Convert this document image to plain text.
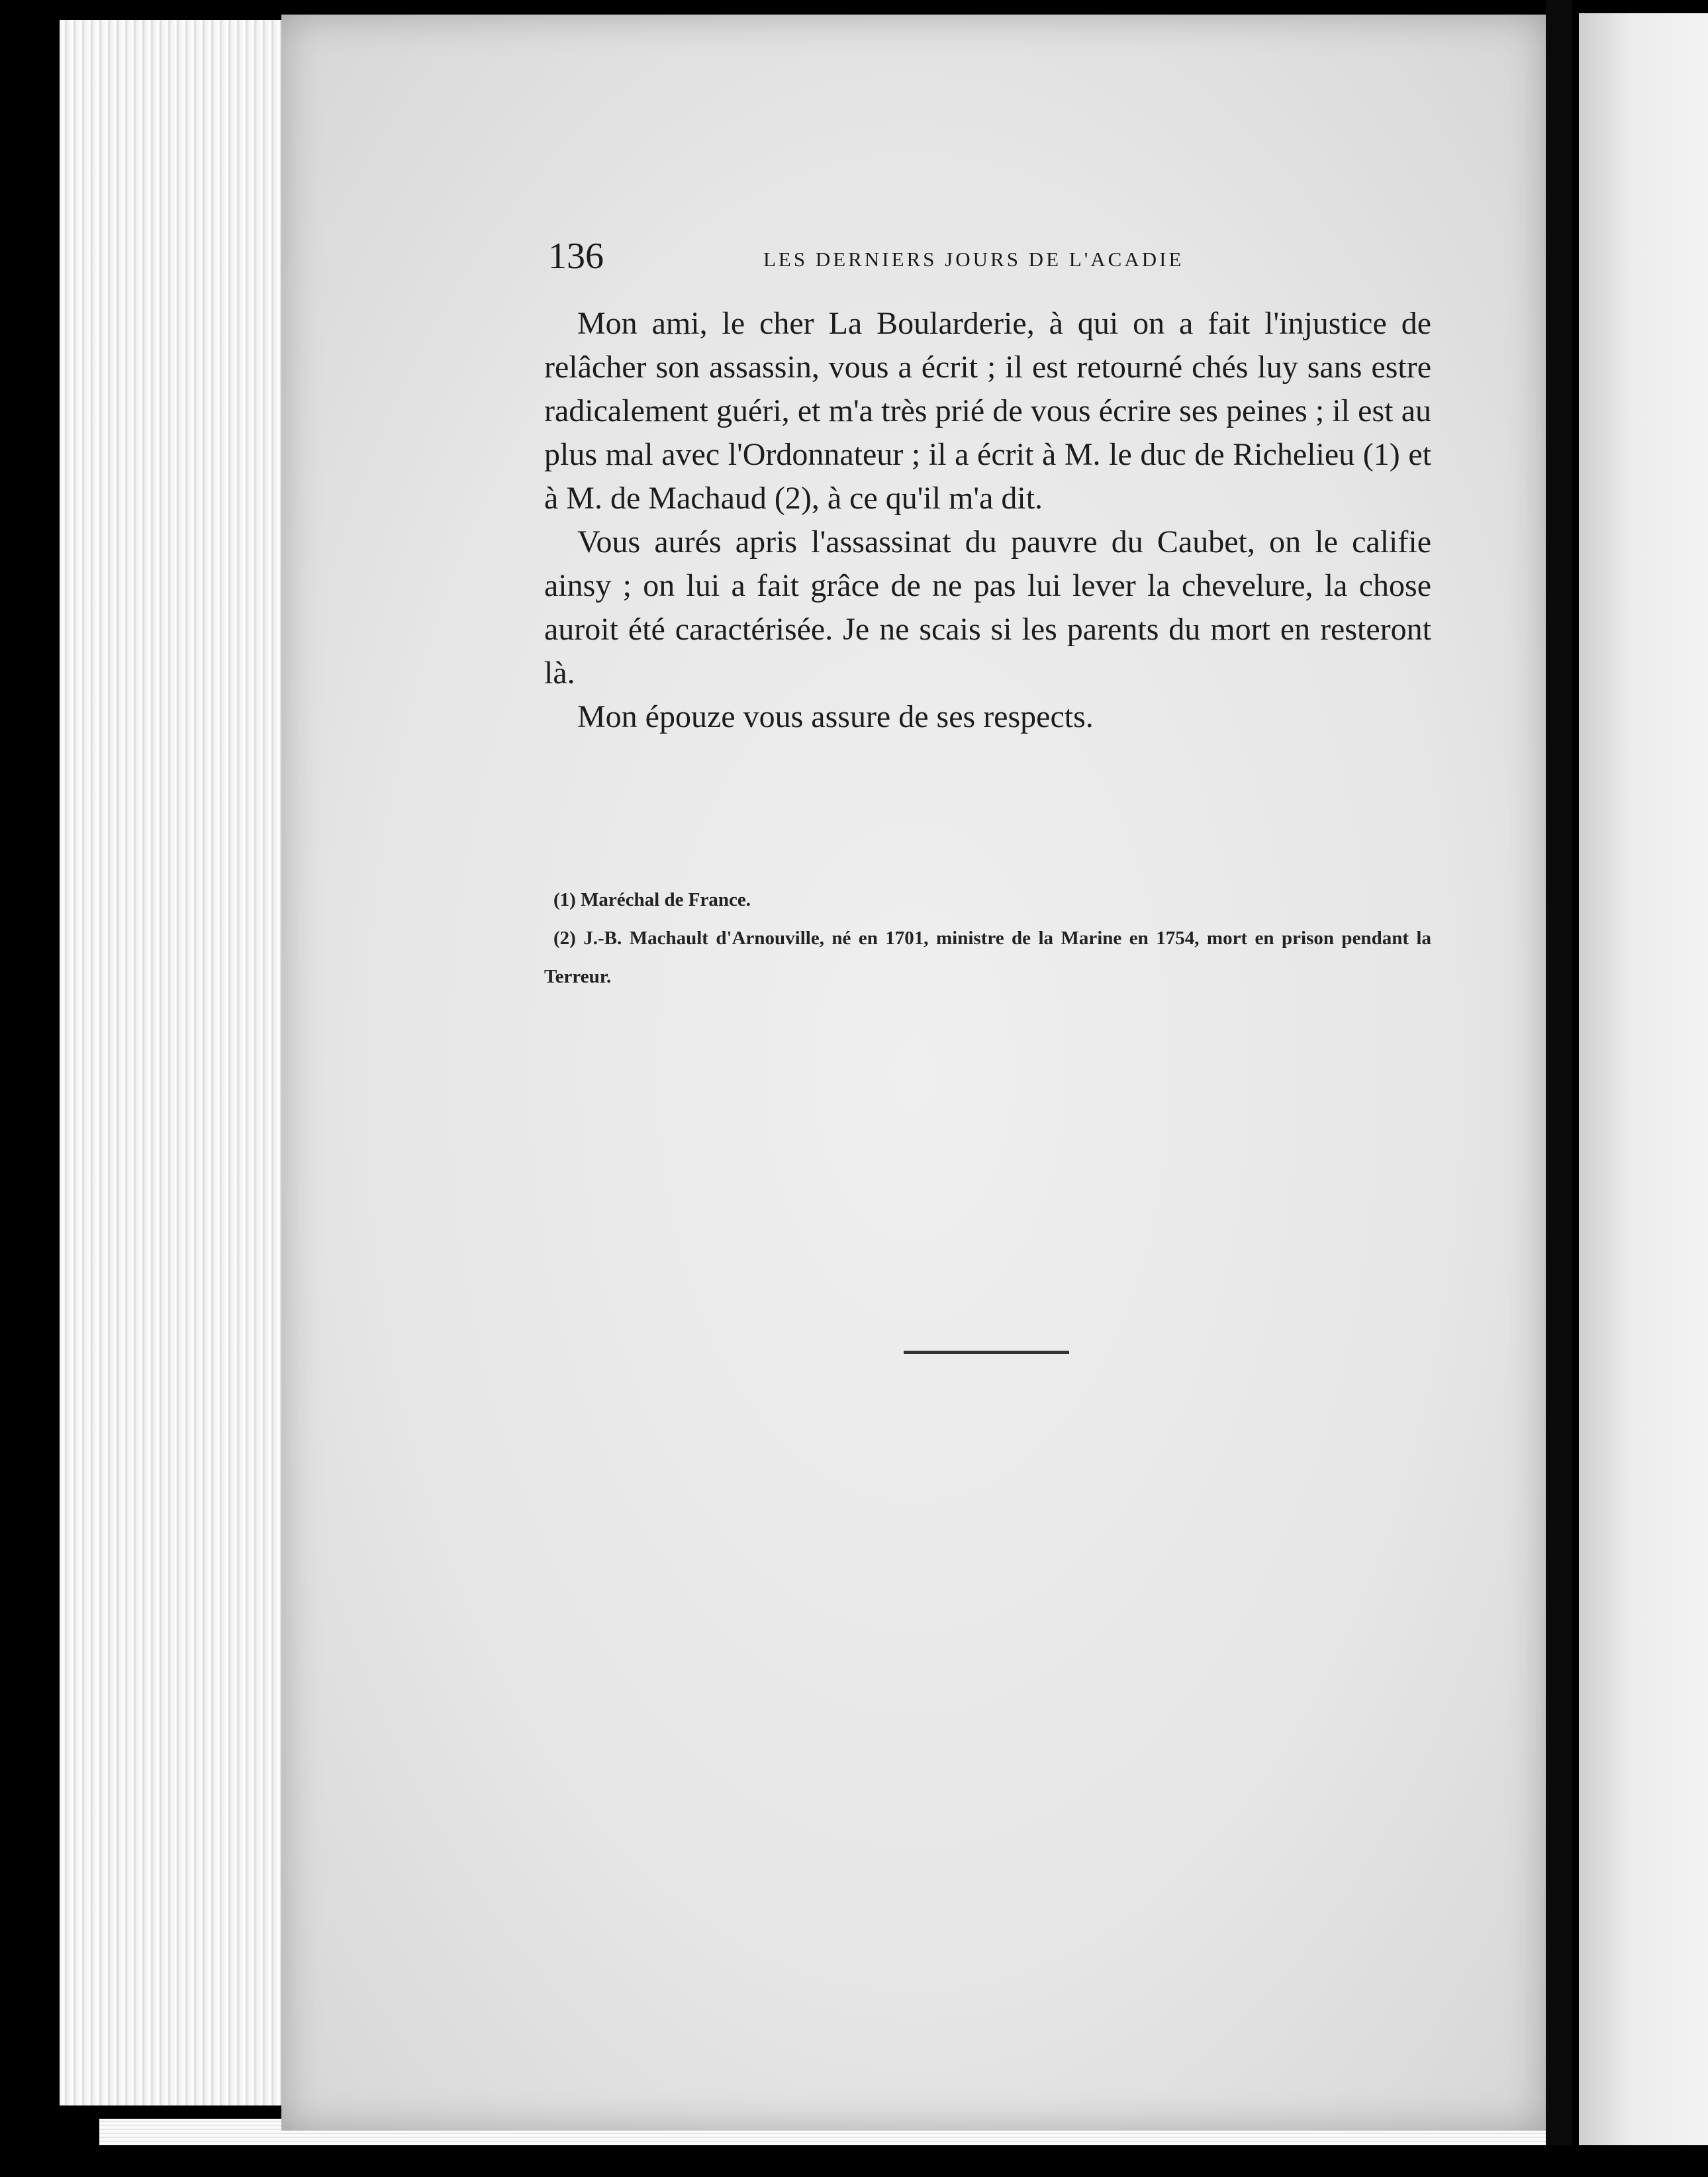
136	LES DERNIERS JOURS DE L'ACADIE

Mon ami, le cher La Boularderie, à qui on a fait l'injustice de relâcher son assassin, vous a écrit ; il est retourné chés luy sans estre radicalement guéri, et m'a très prié de vous écrire ses peines ; il est au plus mal avec l'Ordonnateur ; il a écrit à M. le duc de Richelieu (1) et à M. de Machaud (2), à ce qu'il m'a dit.

Vous aurés apris l'assassinat du pauvre du Caubet, on le califie ainsy ; on lui a fait grâce de ne pas lui lever la chevelure, la chose auroit été caractérisée. Je ne scais si les parents du mort en resteront là.

Mon épouze vous assure de ses respects.

(1) Maréchal de France.

(2) J.-B. Machault d'Arnouville, né en 1701, ministre de la Marine en 1754, mort en prison pendant la Terreur.
